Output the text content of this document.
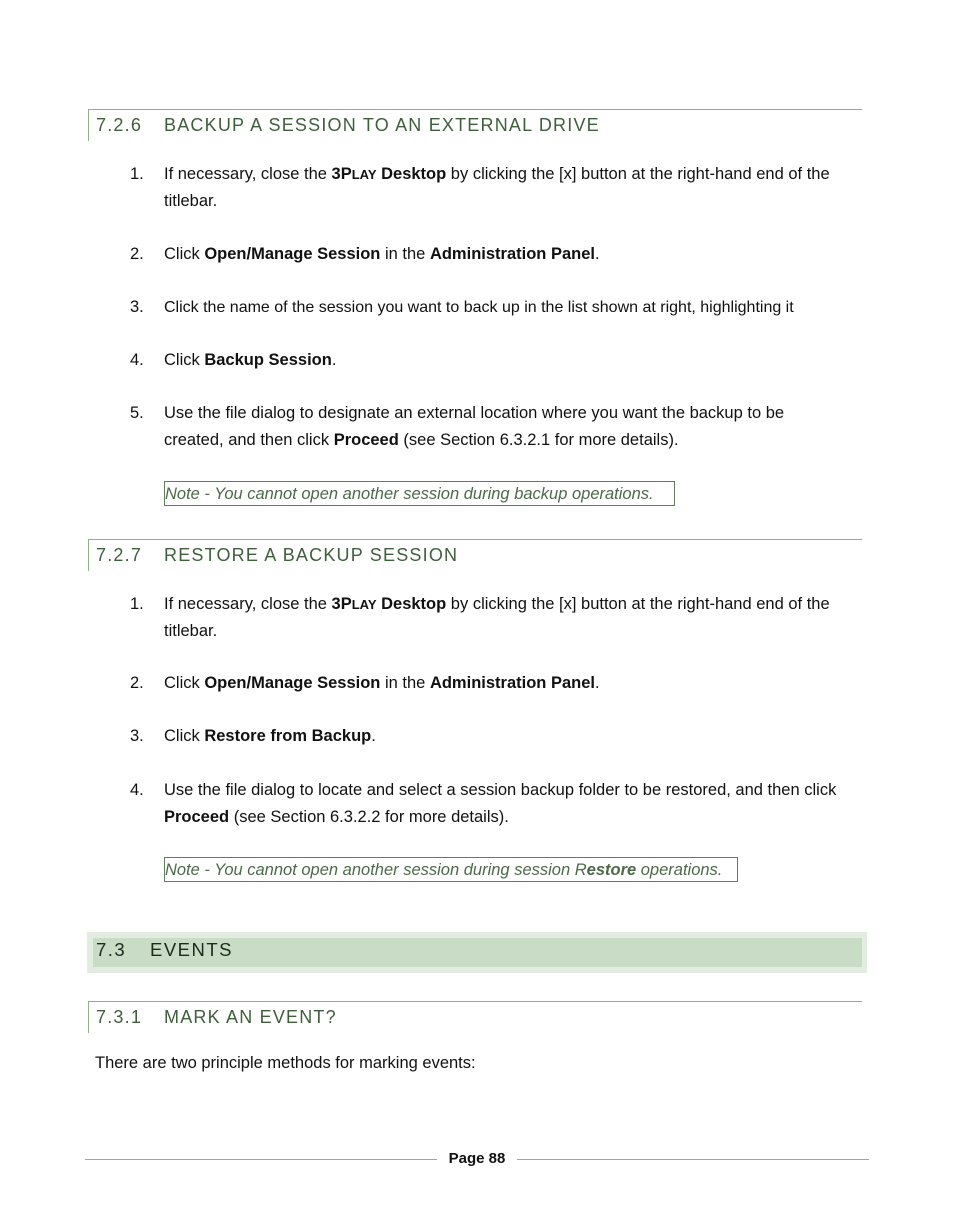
7.2.6 BACKUP A SESSION TO AN EXTERNAL DRIVE
1. If necessary, close the 3PLAY Desktop by clicking the [x] button at the right-hand end of the titlebar.
2. Click Open/Manage Session in the Administration Panel.
3. Click the name of the session you want to back up in the list shown at right, highlighting it
4. Click Backup Session.
5. Use the file dialog to designate an external location where you want the backup to be created, and then click Proceed (see Section 6.3.2.1 for more details).
Note - You cannot open another session during backup operations.
7.2.7 RESTORE A BACKUP SESSION
1. If necessary, close the 3PLAY Desktop by clicking the [x] button at the right-hand end of the titlebar.
2. Click Open/Manage Session in the Administration Panel.
3. Click Restore from Backup.
4. Use the file dialog to locate and select a session backup folder to be restored, and then click Proceed (see Section 6.3.2.2 for more details).
Note - You cannot open another session during session Restore operations.
7.3 EVENTS
7.3.1 MARK AN EVENT?
There are two principle methods for marking events:
Page 88
